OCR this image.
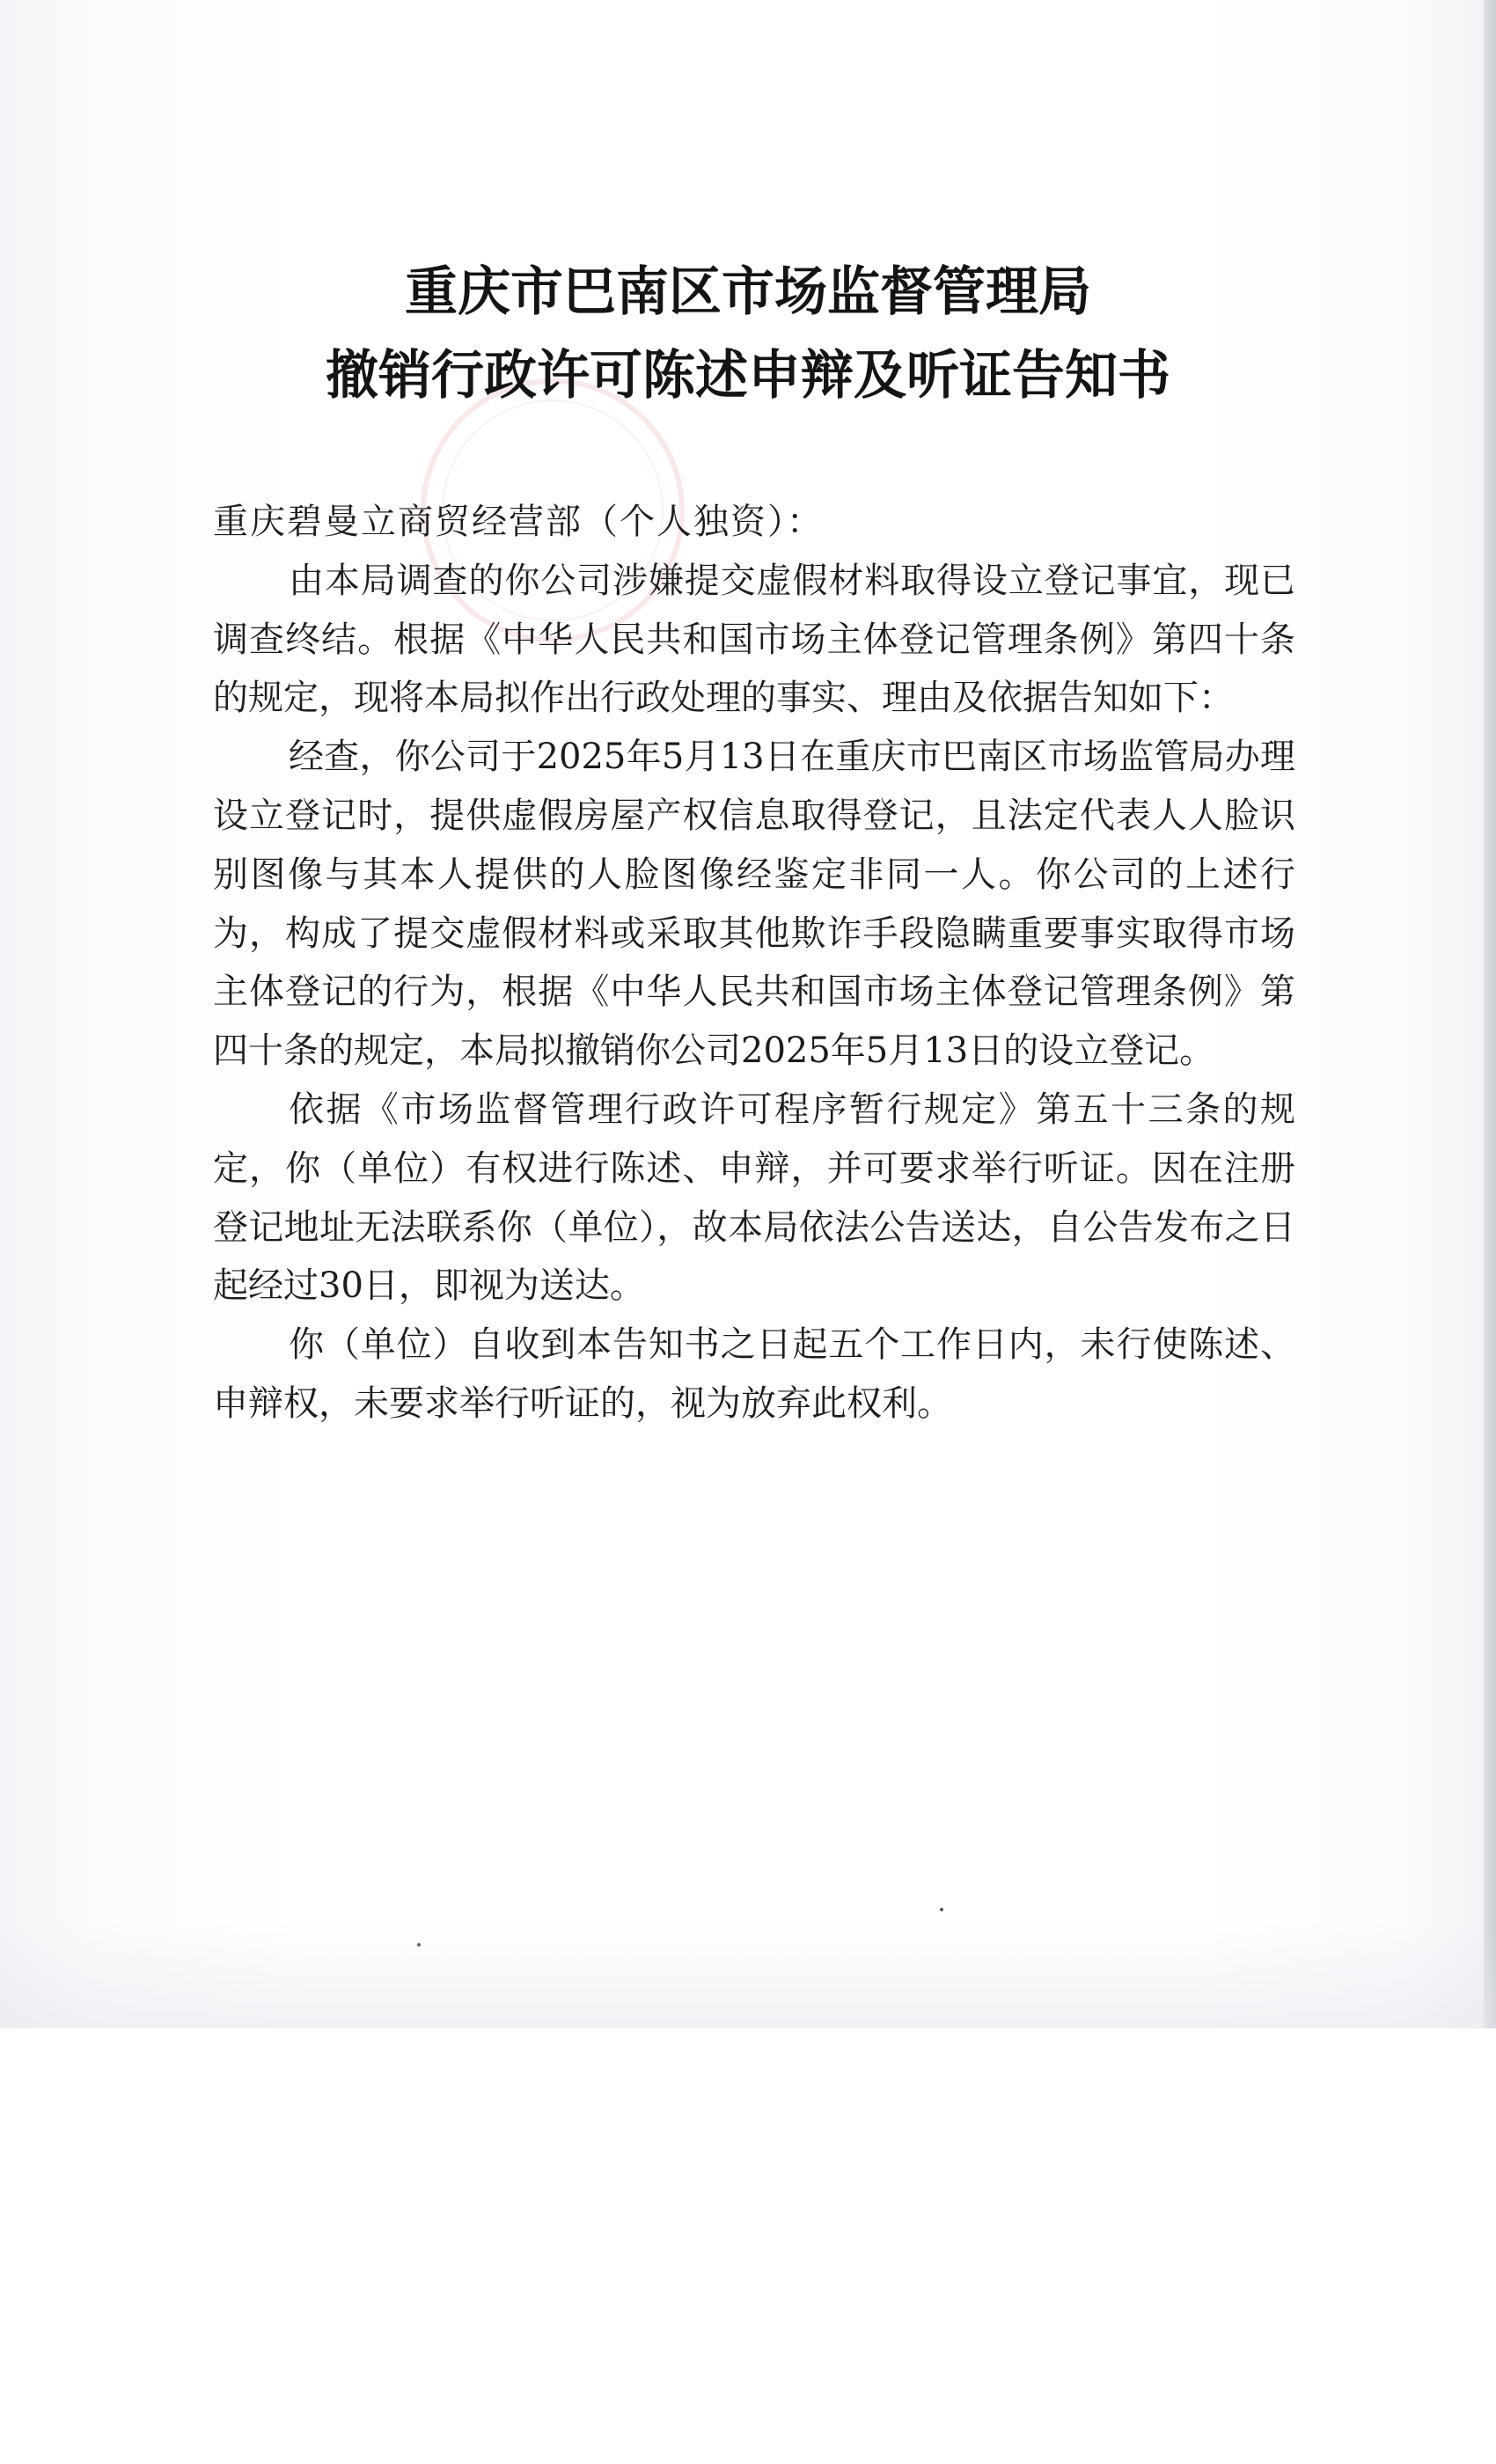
重庆市巴南区市场监督管理局
撤销行政许可陈述申辩及听证告知书

重庆碧曼立商贸经营部（个人独资）：

由本局调查的你公司涉嫌提交虚假材料取得设立登记事宜，现已调查终结。根据《中华人民共和国市场主体登记管理条例》第四十条的规定，现将本局拟作出行政处理的事实、理由及依据告知如下：

经查，你公司于2025年5月13日在重庆市巴南区市场监管局办理设立登记时，提供虚假房屋产权信息取得登记，且法定代表人人脸识别图像与其本人提供的人脸图像经鉴定非同一人。你公司的上述行为，构成了提交虚假材料或采取其他欺诈手段隐瞒重要事实取得市场主体登记的行为，根据《中华人民共和国市场主体登记管理条例》第四十条的规定，本局拟撤销你公司2025年5月13日的设立登记。

依据《市场监督管理行政许可程序暂行规定》第五十三条的规定，你（单位）有权进行陈述、申辩，并可要求举行听证。因在注册登记地址无法联系你（单位），故本局依法公告送达，自公告发布之日起经过30日，即视为送达。

你（单位）自收到本告知书之日起五个工作日内，未行使陈述、申辩权，未要求举行听证的，视为放弃此权利。
